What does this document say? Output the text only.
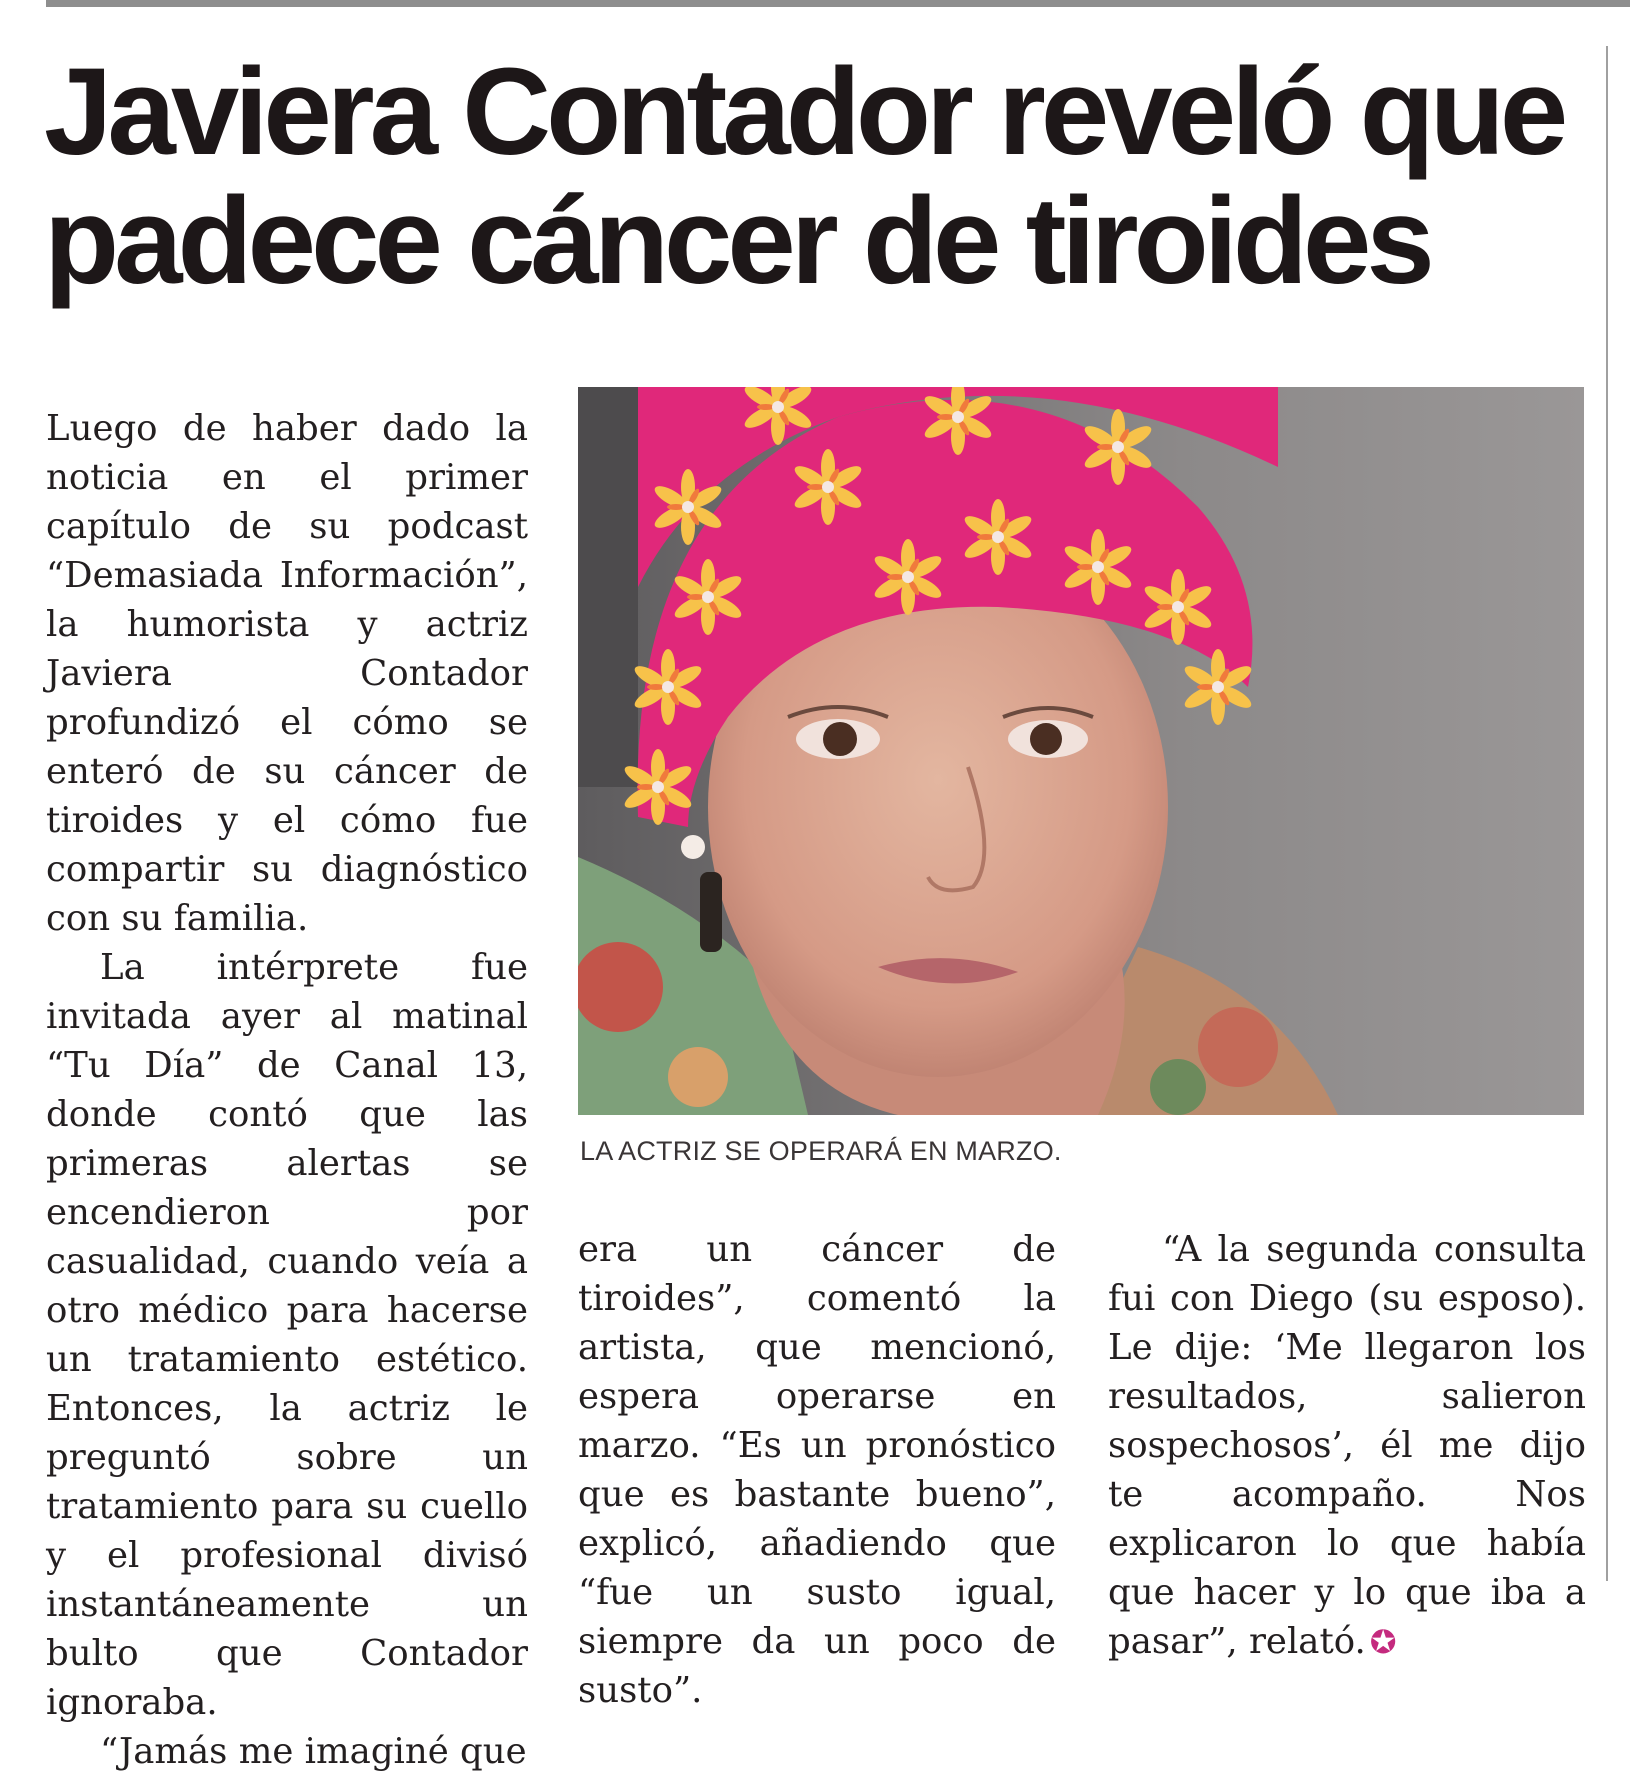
Javiera Contador reveló que
padece cáncer de tiroides

Luego de haber dado la noticia en el primer capítulo de su podcast “Demasiada Información”, la humorista y actriz Javiera Contador profundizó el cómo se enteró de su cáncer de tiroides y el cómo fue compartir su diagnóstico con su familia.

La intérprete fue invitada ayer al matinal “Tu Día” de Canal 13, donde contó que las primeras alertas se encendieron por casualidad, cuando veía a otro médico para hacerse un tratamiento estético. Entonces, la actriz le preguntó sobre un tratamiento para su cuello y el profesional divisó instantáneamente un bulto que Contador ignoraba.

“Jamás me imaginé que

LA ACTRIZ SE OPERARÁ EN MARZO.

era un cáncer de tiroides”, comentó la artista, que mencionó, espera operarse en marzo. “Es un pronóstico que es bastante bueno”, explicó, añadiendo que “fue un susto igual, siempre da un poco de susto”.

“A la segunda consulta fui con Diego (su esposo). Le dije: ‘Me llegaron los resultados, salieron sospechosos’, él me dijo te acompaño. Nos explicaron lo que había que hacer y lo que iba a pasar”, relató. ✪
